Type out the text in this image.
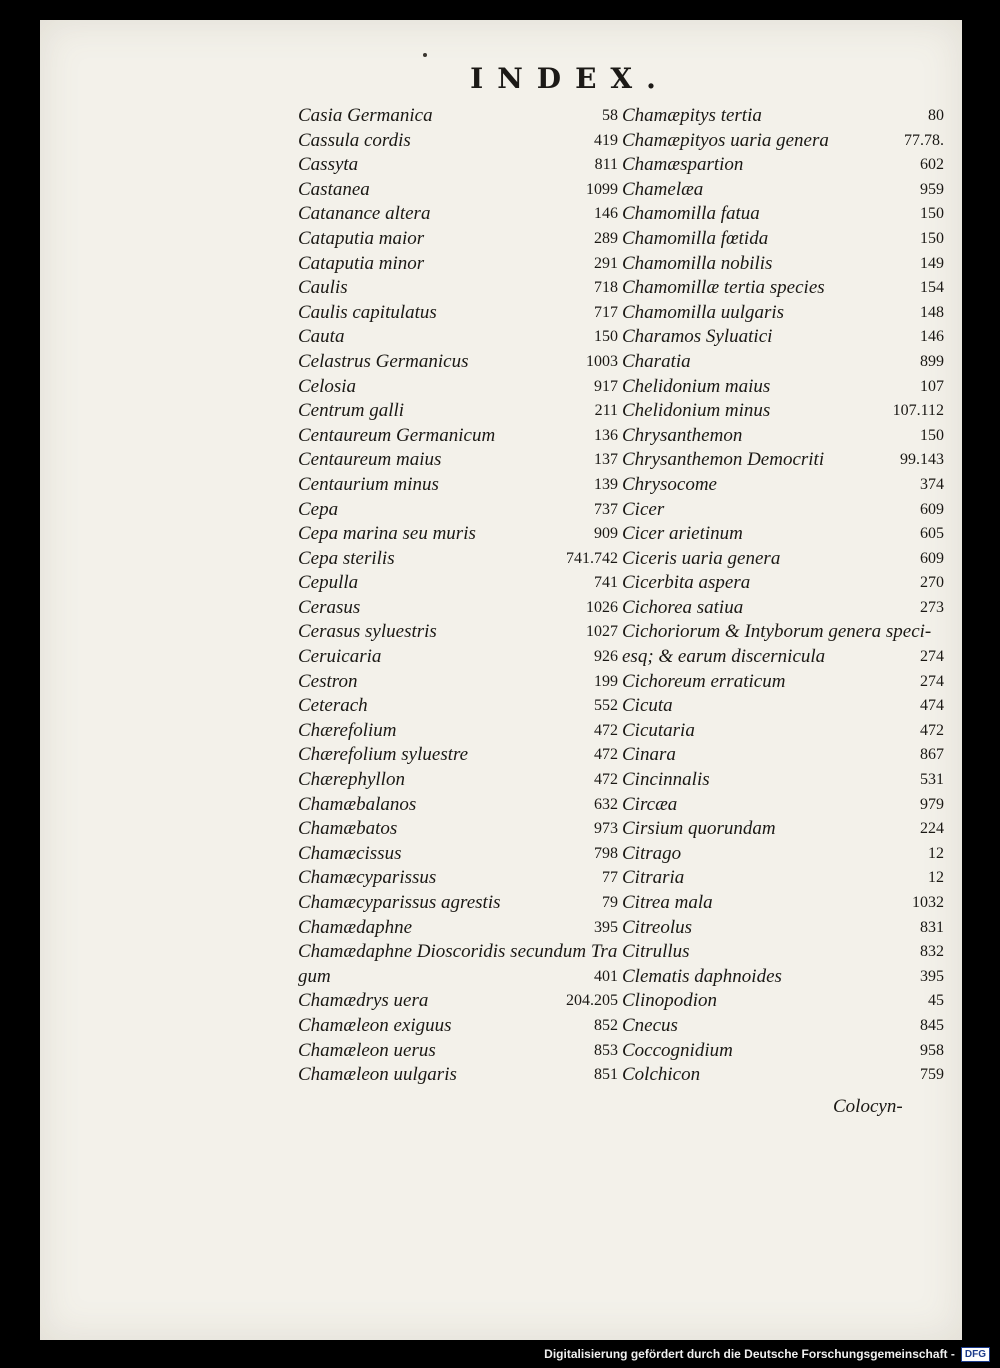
INDEX.
Casia Germanica	58
Cassula cordis	419
Cassyta	811
Castanea	1099
Catanance altera	146
Cataputia maior	289
Cataputia minor	291
Caulis	718
Caulis capitulatus	717
Cauta	150
Celastrus Germanicus	1003
Celosia	917
Centrum galli	211
Centaureum Germanicum	136
Centaureum maius	137
Centaurium minus	139
Cepa	737
Cepa marina seu muris	909
Cepa sterilis	741.742
Cepulla	741
Cerasus	1026
Cerasus syluestris	1027
Ceruicaria	926
Cestron	199
Ceterach	552
Chærefolium	472
Chærefolium syluestre	472
Chærephyllon	472
Chamæbalanos	632
Chamæbatos	973
Chamæcissus	798
Chamæcyparissus	77
Chamæcyparissus agrestis	79
Chamædaphne	395
Chamædaphne Dioscoridis secundum Tra
gum	401
Chamædrys uera	204.205
Chamæleon exiguus	852
Chamæleon uerus	853
Chamæleon uulgaris	851
Chamæpitys tertia	80
Chamæpityos uaria genera	77.78.
Chamæspartion	602
Chamelæa	959
Chamomilla fatua	150
Chamomilla fœtida	150
Chamomilla nobilis	149
Chamomillæ tertia species	154
Chamomilla uulgaris	148
Charamos Syluatici	146
Charatia	899
Chelidonium maius	107
Chelidonium minus	107.112
Chrysanthemon	150
Chrysanthemon Democriti	99.143
Chrysocome	374
Cicer	609
Cicer arietinum	605
Ciceris uaria genera	609
Cicerbita aspera	270
Cichorea satiua	273
Cichoriorum & Intyborum genera speci-
esq; & earum discernicula	274
Cichoreum erraticum	274
Cicuta	474
Cicutaria	472
Cinara	867
Cincinnalis	531
Circæa	979
Cirsium quorundam	224
Citrago	12
Citraria	12
Citrea mala	1032
Citreolus	831
Citrullus	832
Clematis daphnoides	395
Clinopodion	45
Cnecus	845
Coccognidium	958
Colchicon	759
Colocyn-
Digitalisierung gefördert durch die Deutsche Forschungsgemeinschaft -	DFG
